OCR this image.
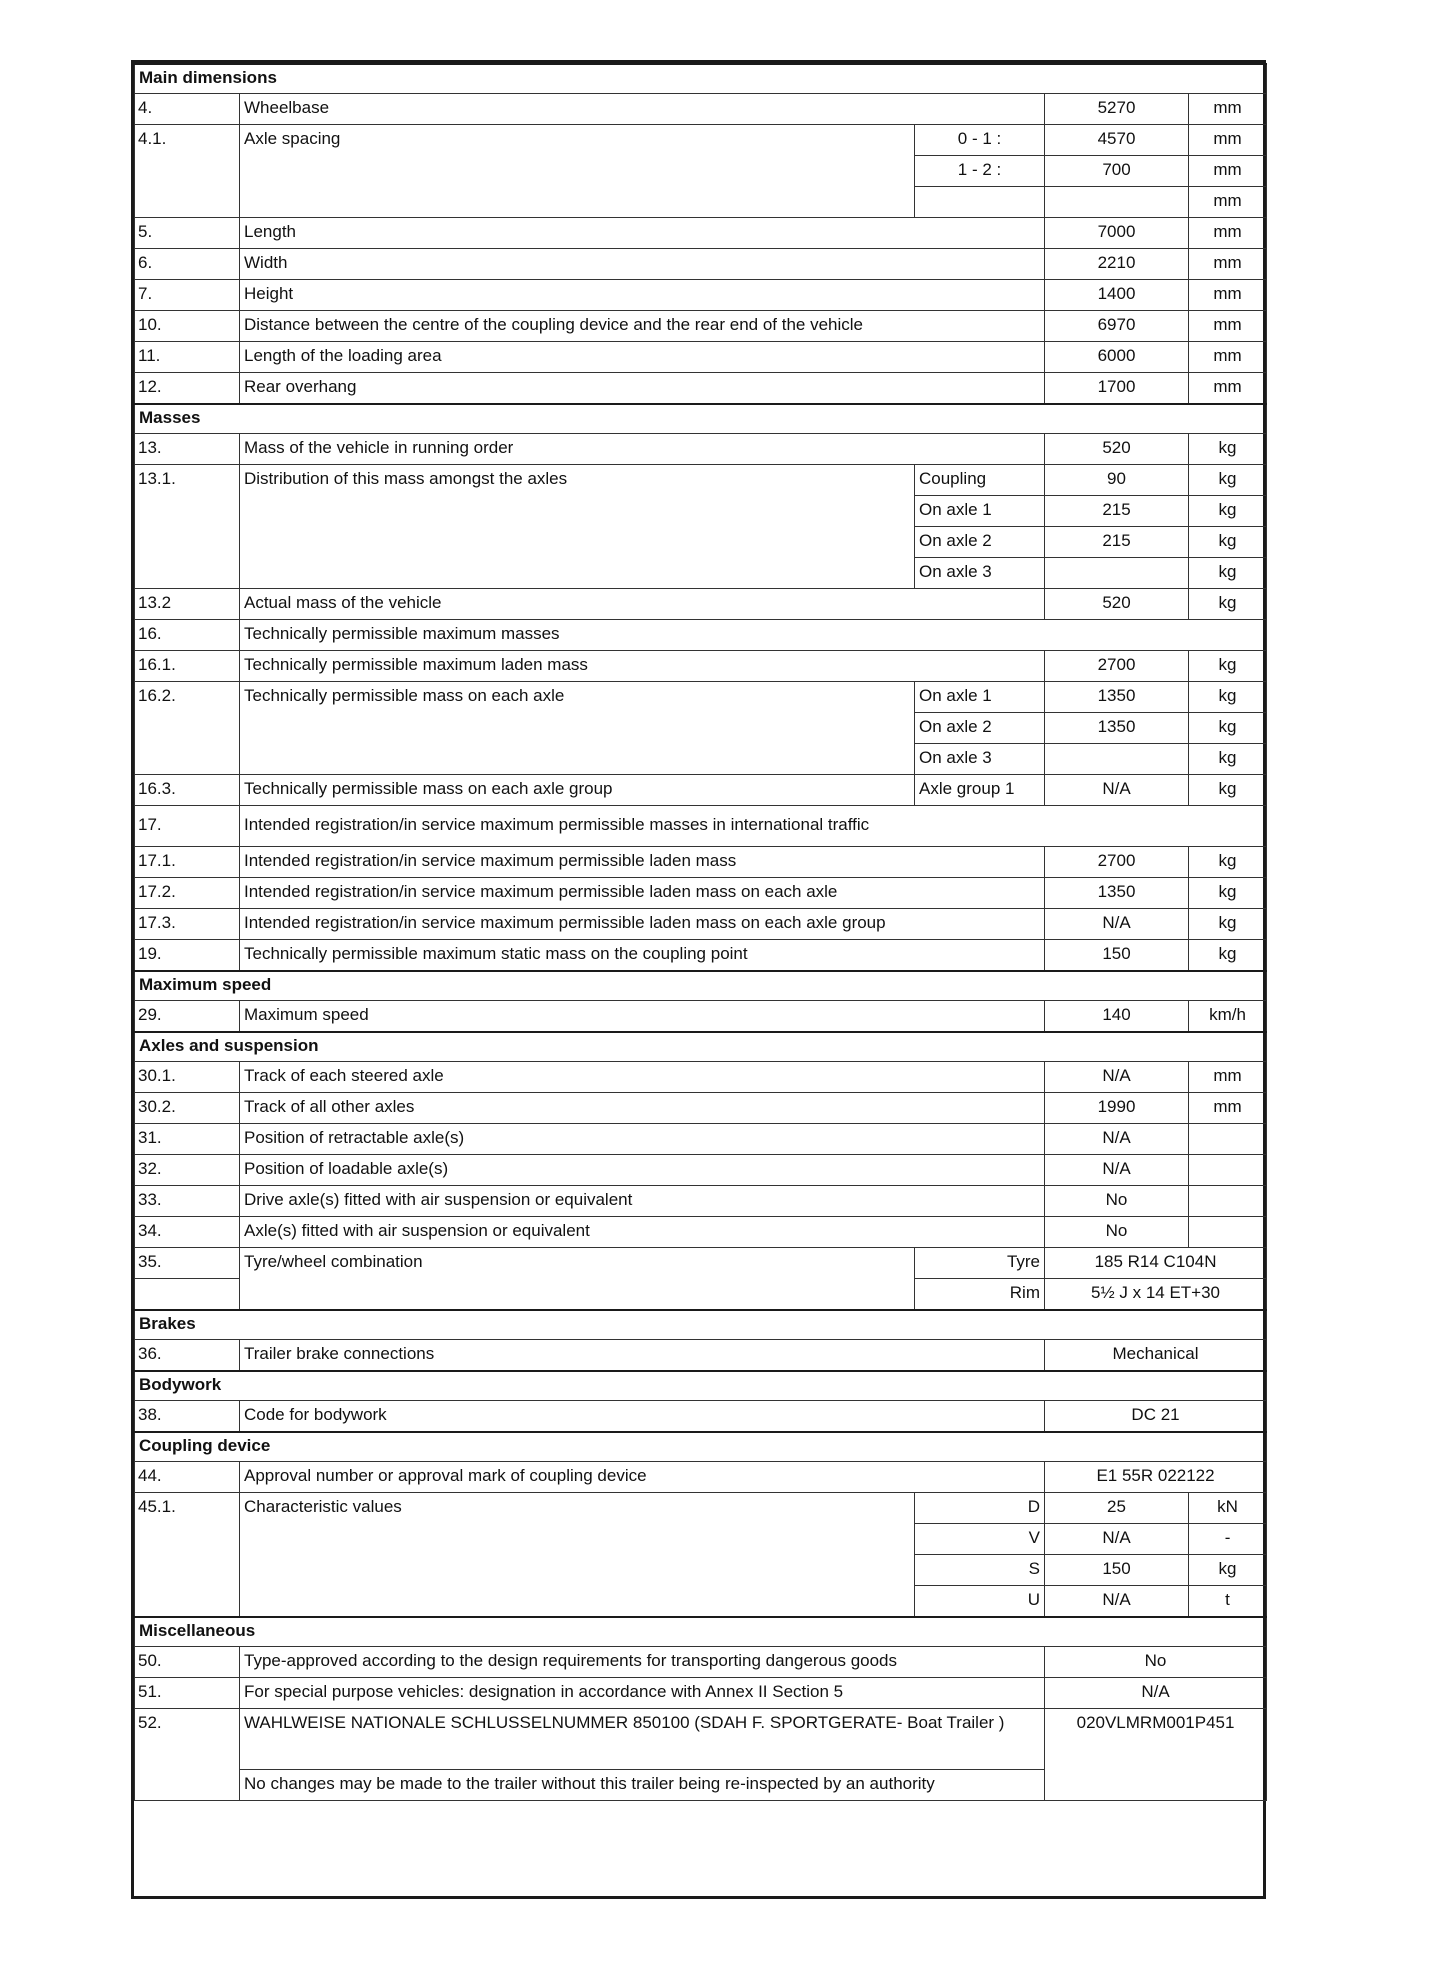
Main dimensions				
4.	Wheelbase		5270	mm
4.1.	Axle spacing	0 - 1 :	4570	mm
		1 - 2 :	700	mm
				mm
5.	Length		7000	mm
6.	Width		2210	mm
7.	Height		1400	mm
10.	Distance between the centre of the coupling device and the rear end of the vehicle		6970	mm
11.	Length of the loading area		6000	mm
12.	Rear overhang		1700	mm
Masses				
13.	Mass of the vehicle in running order		520	kg
13.1.	Distribution of this mass amongst the axles	Coupling	90	kg
		On axle 1	215	kg
		On axle 2	215	kg
		On axle 3		kg
13.2	Actual mass of the vehicle		520	kg
16.	Technically permissible maximum masses			
16.1.	Technically permissible maximum laden mass		2700	kg
16.2.	Technically permissible mass on each axle	On axle 1	1350	kg
		On axle 2	1350	kg
		On axle 3		kg
16.3.	Technically permissible mass on each axle group	Axle group 1	N/A	kg
17.	Intended registration/in service maximum permissible masses in international traffic			
17.1.	Intended registration/in service maximum permissible laden mass		2700	kg
17.2.	Intended registration/in service maximum permissible laden mass on each axle		1350	kg
17.3.	Intended registration/in service maximum permissible laden mass on each axle group		N/A	kg
19.	Technically permissible maximum static mass on the coupling point		150	kg
Maximum speed				
29.	Maximum speed		140	km/h
Axles and suspension				
30.1.	Track of each steered axle		N/A	mm
30.2.	Track of all other axles		1990	mm
31.	Position of retractable axle(s)		N/A	
32.	Position of loadable axle(s)		N/A	
33.	Drive axle(s) fitted with air suspension or equivalent		No	
34.	Axle(s) fitted with air suspension or equivalent		No	
35.	Tyre/wheel combination	Tyre	185 R14 C104N	
		Rim	5½ J x 14 ET+30	
Brakes				
36.	Trailer brake connections		Mechanical	
Bodywork				
38.	Code for bodywork		DC 21	
Coupling device				
44.	Approval number or approval mark of coupling device		E1 55R 022122	
45.1.	Characteristic values	D	25	kN
		V	N/A	-
		S	150	kg
		U	N/A	t
Miscellaneous				
50.	Type-approved according to the design requirements for transporting dangerous goods		No	
51.	For special purpose vehicles: designation in accordance with Annex II Section 5		N/A	
52.	WAHLWEISE NATIONALE SCHLUSSELNUMMER 850100 (SDAH F. SPORTGERATE- Boat Trailer )		020VLMRM001P451	
	No changes may be made to the trailer without this trailer being re-inspected by an authority			
